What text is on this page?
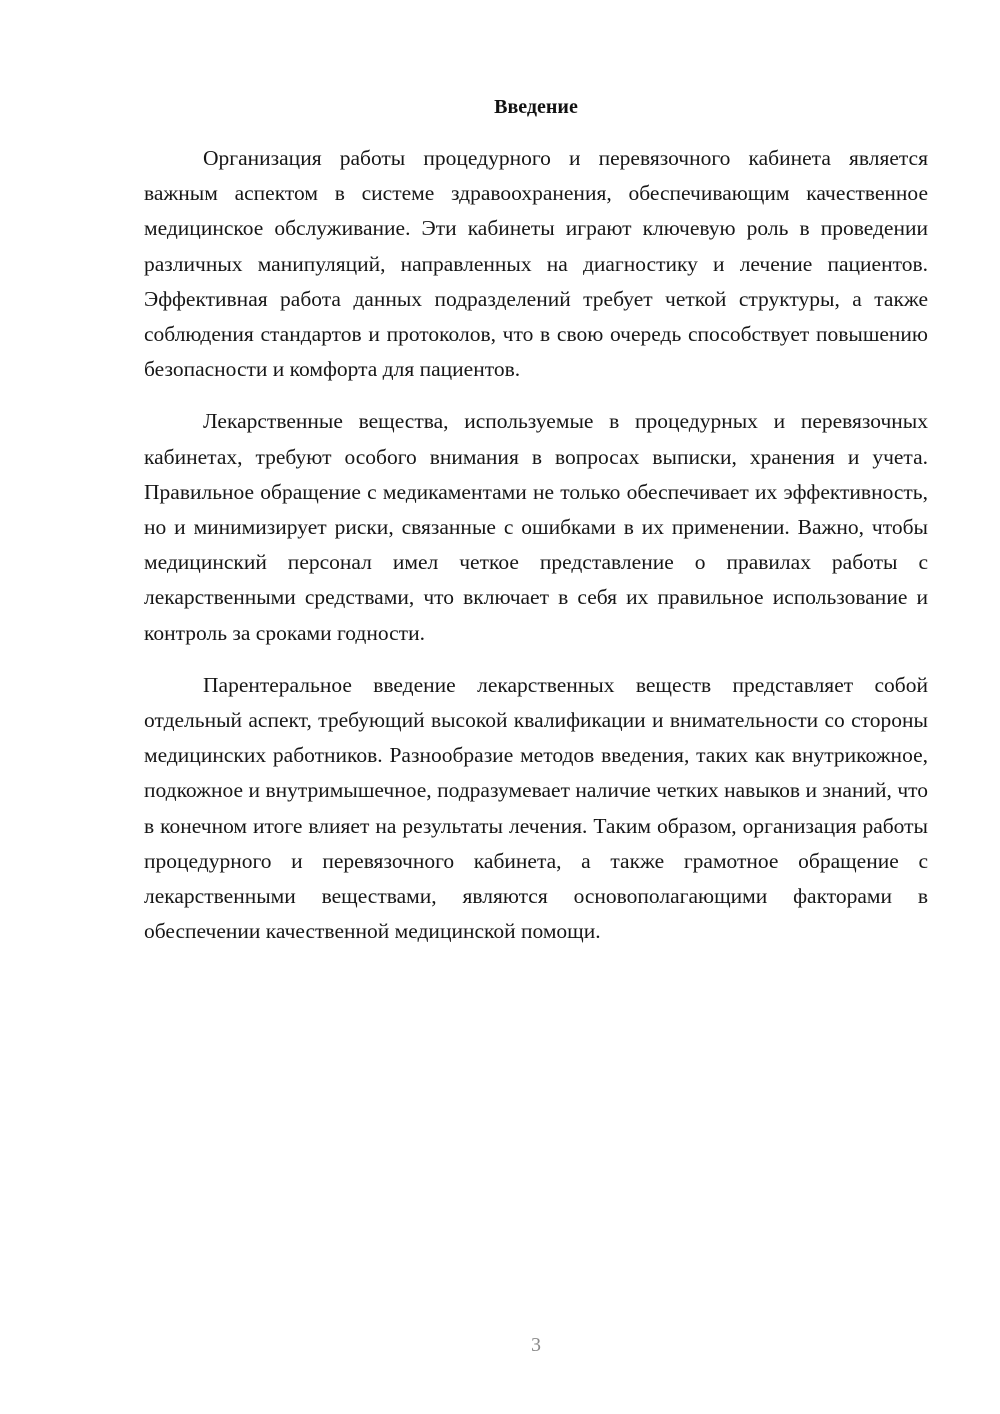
Введение

Организация работы процедурного и перевязочного кабинета является важным аспектом в системе здравоохранения, обеспечивающим качественное медицинское обслуживание. Эти кабинеты играют ключевую роль в проведении различных манипуляций, направленных на диагностику и лечение пациентов. Эффективная работа данных подразделений требует четкой структуры, а также соблюдения стандартов и протоколов, что в свою очередь способствует повышению безопасности и комфорта для пациентов.

Лекарственные вещества, используемые в процедурных и перевязочных кабинетах, требуют особого внимания в вопросах выписки, хранения и учета. Правильное обращение с медикаментами не только обеспечивает их эффективность, но и минимизирует риски, связанные с ошибками в их применении. Важно, чтобы медицинский персонал имел четкое представление о правилах работы с лекарственными средствами, что включает в себя их правильное использование и контроль за сроками годности.

Парентеральное введение лекарственных веществ представляет собой отдельный аспект, требующий высокой квалификации и внимательности со стороны медицинских работников. Разнообразие методов введения, таких как внутрикожное, подкожное и внутримышечное, подразумевает наличие четких навыков и знаний, что в конечном итоге влияет на результаты лечения. Таким образом, организация работы процедурного и перевязочного кабинета, а также грамотное обращение с лекарственными веществами, являются основополагающими факторами в обеспечении качественной медицинской помощи.

3
